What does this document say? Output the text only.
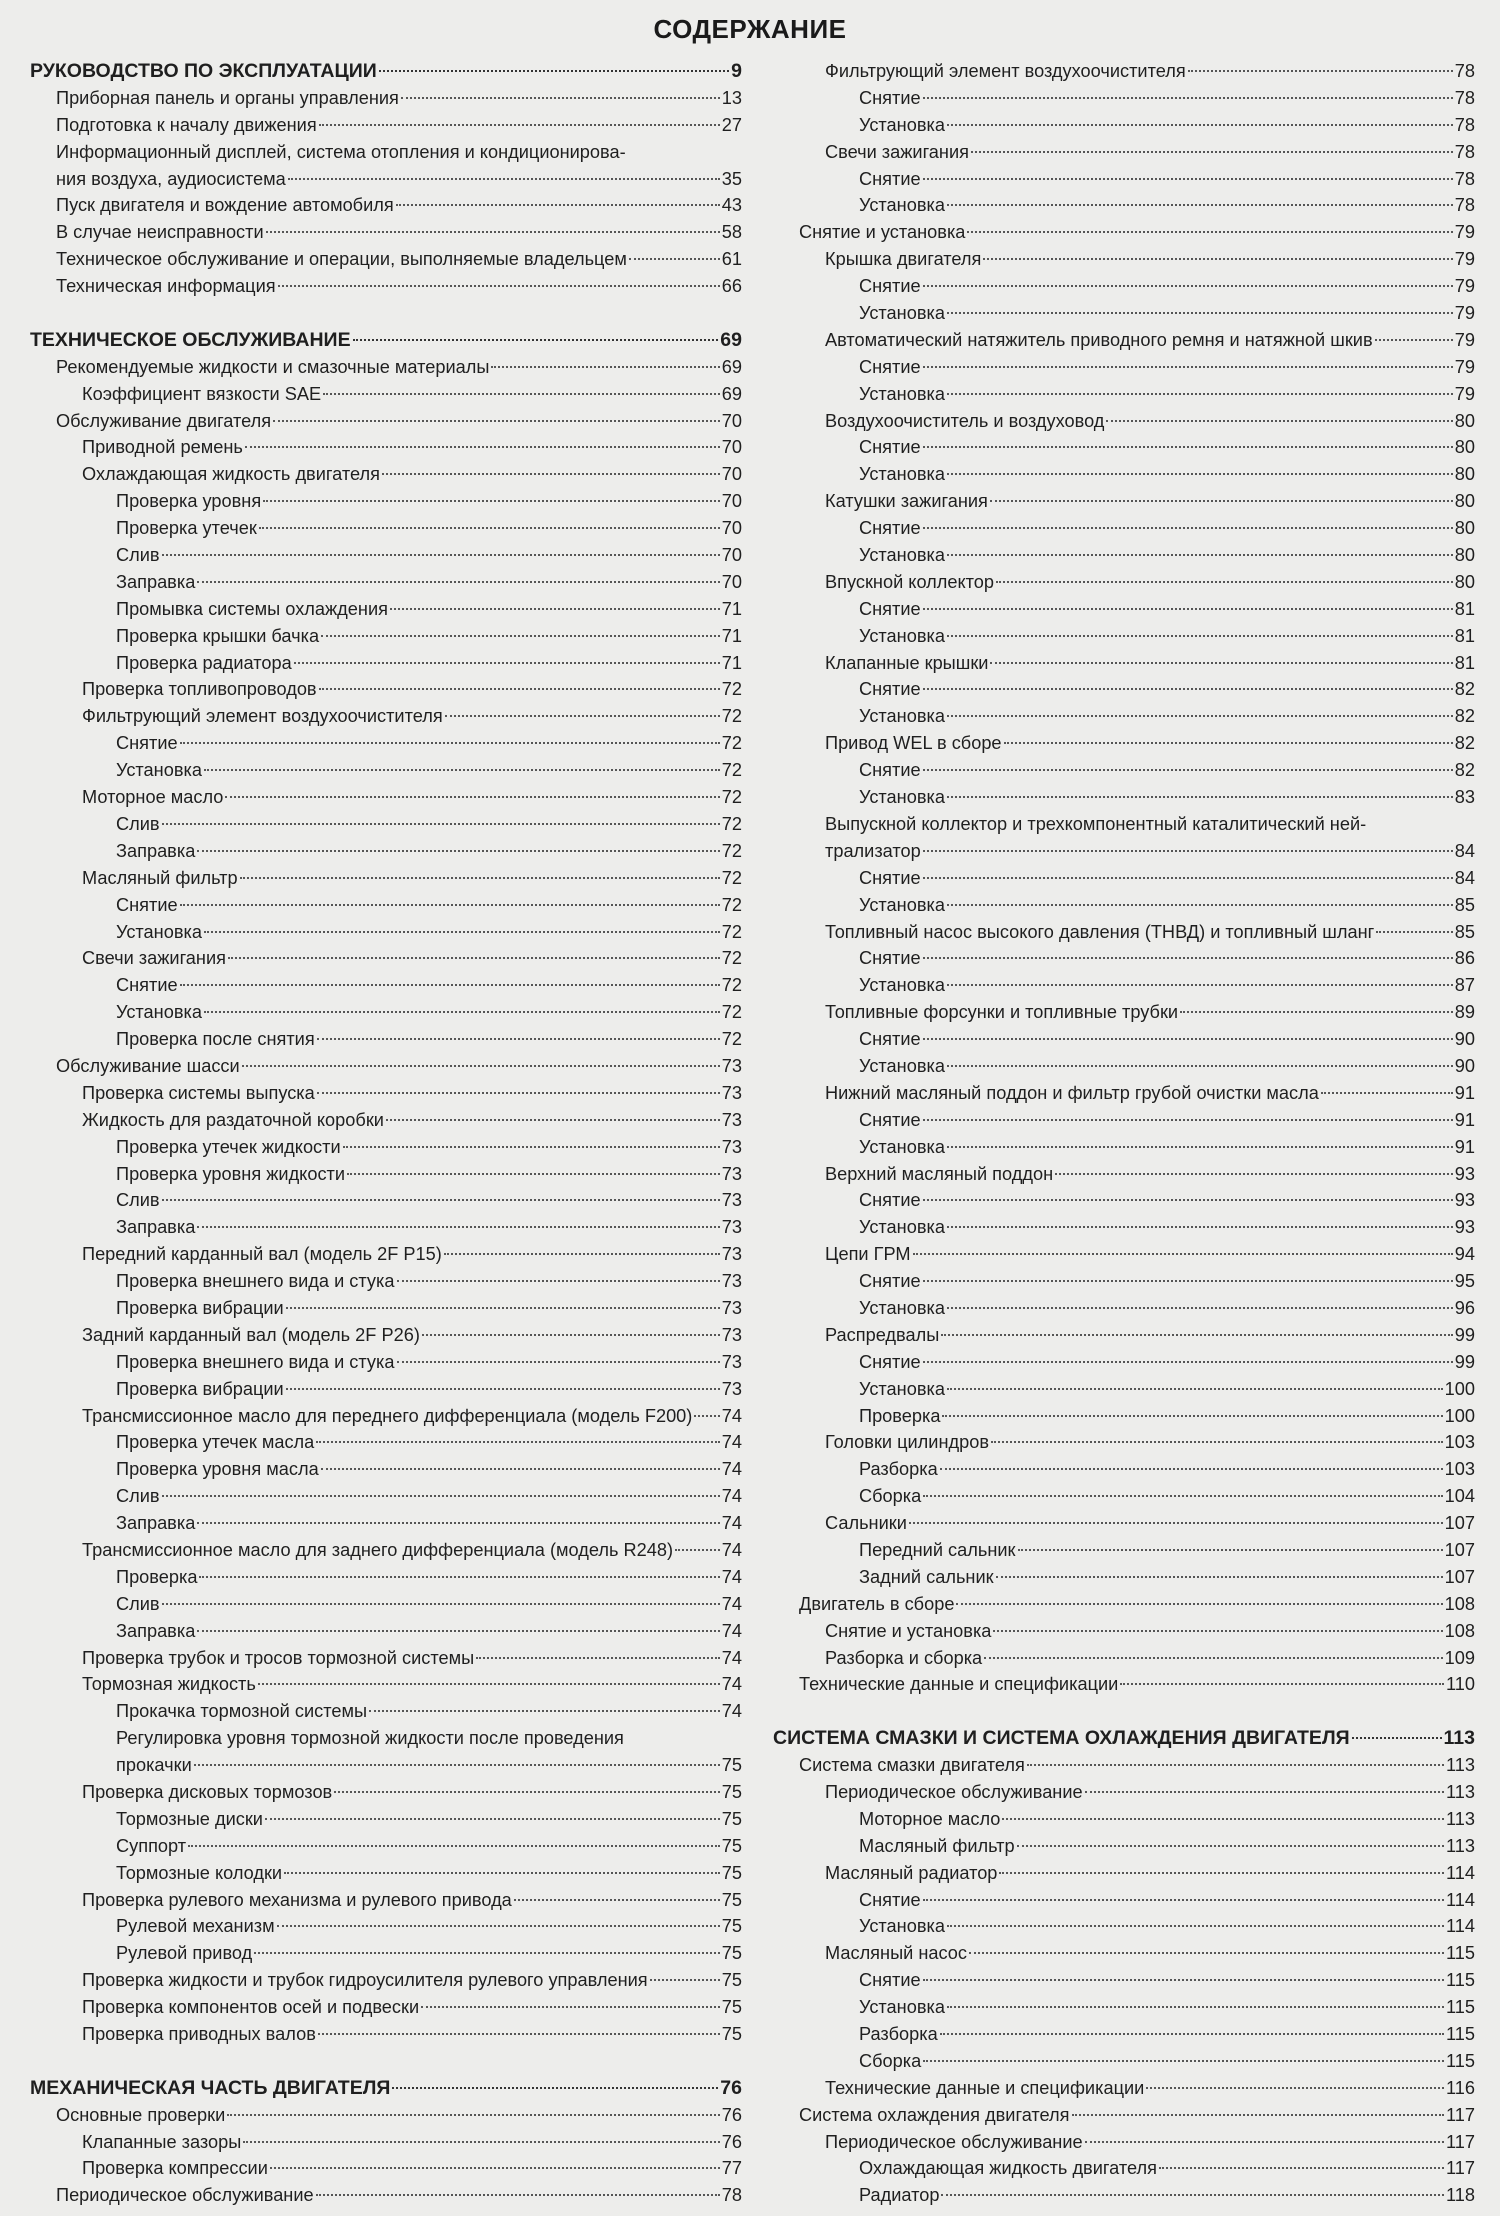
СОДЕРЖАНИЕ
РУКОВОДСТВО ПО ЭКСПЛУАТАЦИИ	9
Приборная панель и органы управления	13
Подготовка к началу движения	27
Информационный дисплей, система отопления и кондиционирова-
ния воздуха, аудиосистема	35
Пуск двигателя и вождение автомобиля	43
В случае неисправности	58
Техническое обслуживание и операции, выполняемые владельцем	61
Техническая информация	66
ТЕХНИЧЕСКОЕ ОБСЛУЖИВАНИЕ	69
Рекомендуемые жидкости и смазочные материалы	69
Коэффициент вязкости SAE	69
Обслуживание двигателя	70
Приводной ремень	70
Охлаждающая жидкость двигателя	70
Проверка уровня	70
Проверка утечек	70
Слив	70
Заправка	70
Промывка системы охлаждения	71
Проверка крышки бачка	71
Проверка радиатора	71
Проверка топливопроводов	72
Фильтрующий элемент воздухоочистителя	72
Снятие	72
Установка	72
Моторное масло	72
Слив	72
Заправка	72
Масляный фильтр	72
Снятие	72
Установка	72
Свечи зажигания	72
Снятие	72
Установка	72
Проверка после снятия	72
Обслуживание шасси	73
Проверка системы выпуска	73
Жидкость для раздаточной коробки	73
Проверка утечек жидкости	73
Проверка уровня жидкости	73
Слив	73
Заправка	73
Передний карданный вал (модель 2F P15)	73
Проверка внешнего вида и стука	73
Проверка вибрации	73
Задний карданный вал (модель 2F P26)	73
Проверка внешнего вида и стука	73
Проверка вибрации	73
Трансмиссионное масло для переднего дифференциала (модель F200) 74
Проверка утечек масла	74
Проверка уровня масла	74
Слив	74
Заправка	74
Трансмиссионное масло для заднего дифференциала (модель R248)	74
Проверка	74
Слив	74
Заправка	74
Проверка трубок и тросов тормозной системы	74
Тормозная жидкость	74
Прокачка тормозной системы	74
Регулировка уровня тормозной жидкости после проведения
прокачки	75
Проверка дисковых тормозов	75
Тормозные диски	75
Суппорт	75
Тормозные колодки	75
Проверка рулевого механизма и рулевого привода	75
Рулевой механизм	75
Рулевой привод	75
Проверка жидкости и трубок гидроусилителя рулевого управления	75
Проверка компонентов осей и подвески	75
Проверка приводных валов	75
МЕХАНИЧЕСКАЯ ЧАСТЬ ДВИГАТЕЛЯ	76
Основные проверки	76
Клапанные зазоры	76
Проверка компрессии	77
Периодическое обслуживание	78
Фильтрующий элемент воздухоочистителя	78
Снятие	78
Установка	78
Свечи зажигания	78
Снятие	78
Установка	78
Снятие и установка	79
Крышка двигателя	79
Снятие	79
Установка	79
Автоматический натяжитель приводного ремня и натяжной шкив	79
Снятие	79
Установка	79
Воздухоочиститель и воздуховод	80
Снятие	80
Установка	80
Катушки зажигания	80
Снятие	80
Установка	80
Впускной коллектор	80
Снятие	81
Установка	81
Клапанные крышки	81
Снятие	82
Установка	82
Привод WEL в сборе	82
Снятие	82
Установка	83
Выпускной коллектор и трехкомпонентный каталитический ней-
трализатор	84
Снятие	84
Установка	85
Топливный насос высокого давления (ТНВД) и топливный шланг	85
Снятие	86
Установка	87
Топливные форсунки и топливные трубки	89
Снятие	90
Установка	90
Нижний масляный поддон и фильтр грубой очистки масла	91
Снятие	91
Установка	91
Верхний масляный поддон	93
Снятие	93
Установка	93
Цепи ГРМ	94
Снятие	95
Установка	96
Распредвалы	99
Снятие	99
Установка	100
Проверка	100
Головки цилиндров	103
Разборка	103
Сборка	104
Сальники	107
Передний сальник	107
Задний сальник	107
Двигатель в сборе	108
Снятие и установка	108
Разборка и сборка	109
Технические данные и спецификации	110
СИСТЕМА СМАЗКИ И СИСТЕМА ОХЛАЖДЕНИЯ ДВИГАТЕЛЯ	113
Система смазки двигателя	113
Периодическое обслуживание	113
Моторное масло	113
Масляный фильтр	113
Масляный радиатор	114
Снятие	114
Установка	114
Масляный насос	115
Снятие	115
Установка	115
Разборка	115
Сборка	115
Технические данные и спецификации	116
Система охлаждения двигателя	117
Периодическое обслуживание	117
Охлаждающая жидкость двигателя	117
Радиатор	118
